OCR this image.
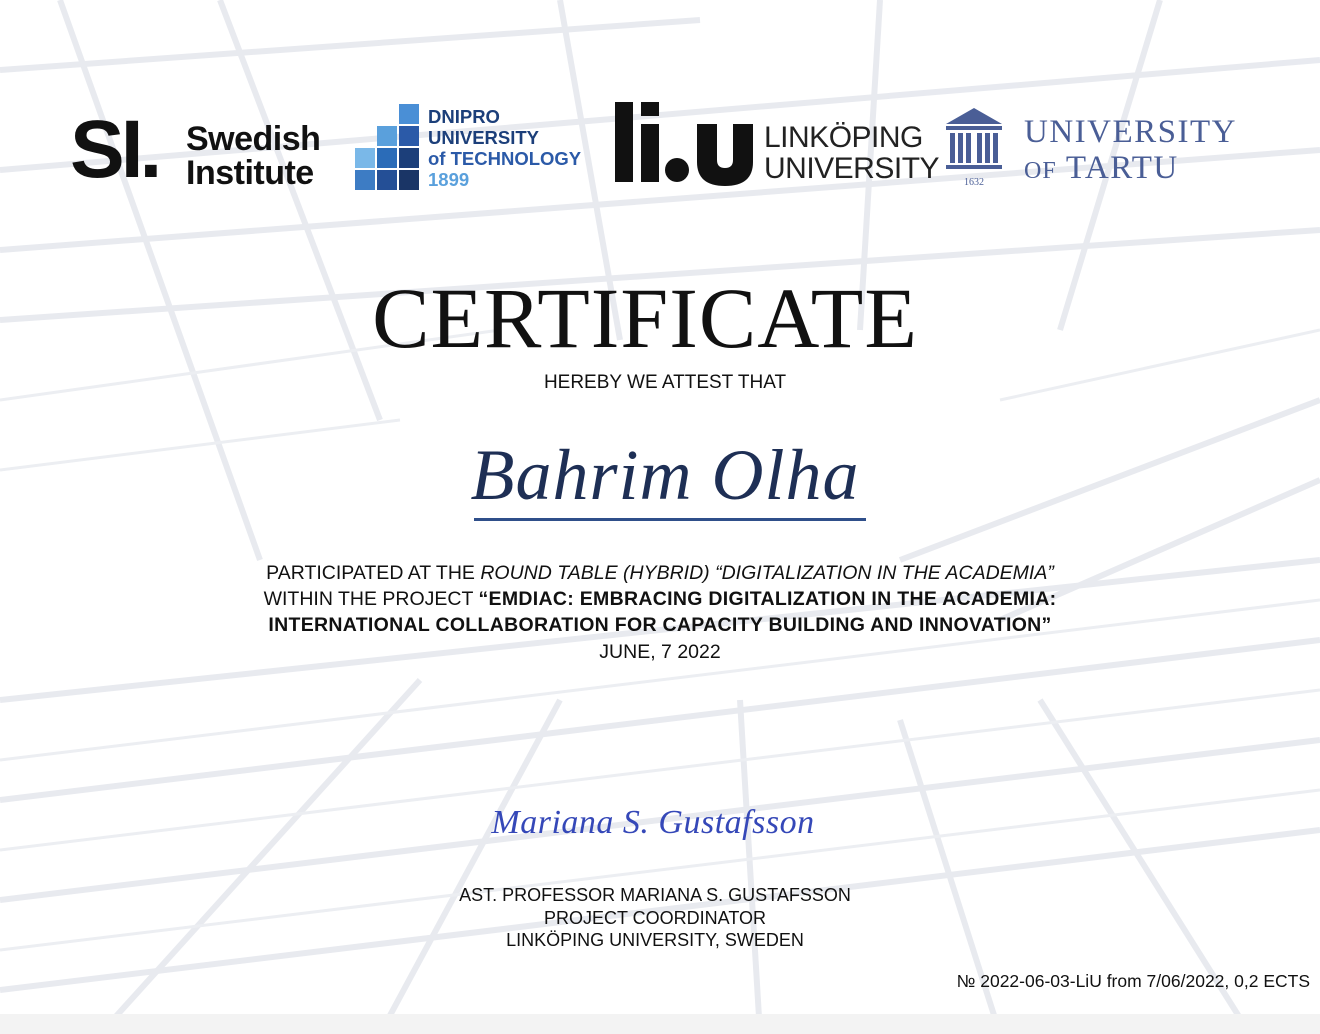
SI. Swedish
Institute
DNIPRO
UNIVERSITY
of TECHNOLOGY
1899
LINKÖPING
UNIVERSITY 1632
UNIVERSITY
OF TARTU
CERTIFICATE
HEREBY WE ATTEST THAT
Bahrim Olha
PARTICIPATED AT THE ROUND TABLE (HYBRID) “DIGITALIZATION IN THE ACADEMIA”
WITHIN THE PROJECT “EMDIAC: EMBRACING DIGITALIZATION IN THE ACADEMIA:
INTERNATIONAL COLLABORATION FOR CAPACITY BUILDING AND INNOVATION”
JUNE, 7 2022
Mariana S. Gustafsson
AST. PROFESSOR MARIANA S. GUSTAFSSON
PROJECT COORDINATOR
LINKÖPING UNIVERSITY, SWEDEN
№ 2022-06-03-LiU from 7/06/2022, 0,2 ECTS
